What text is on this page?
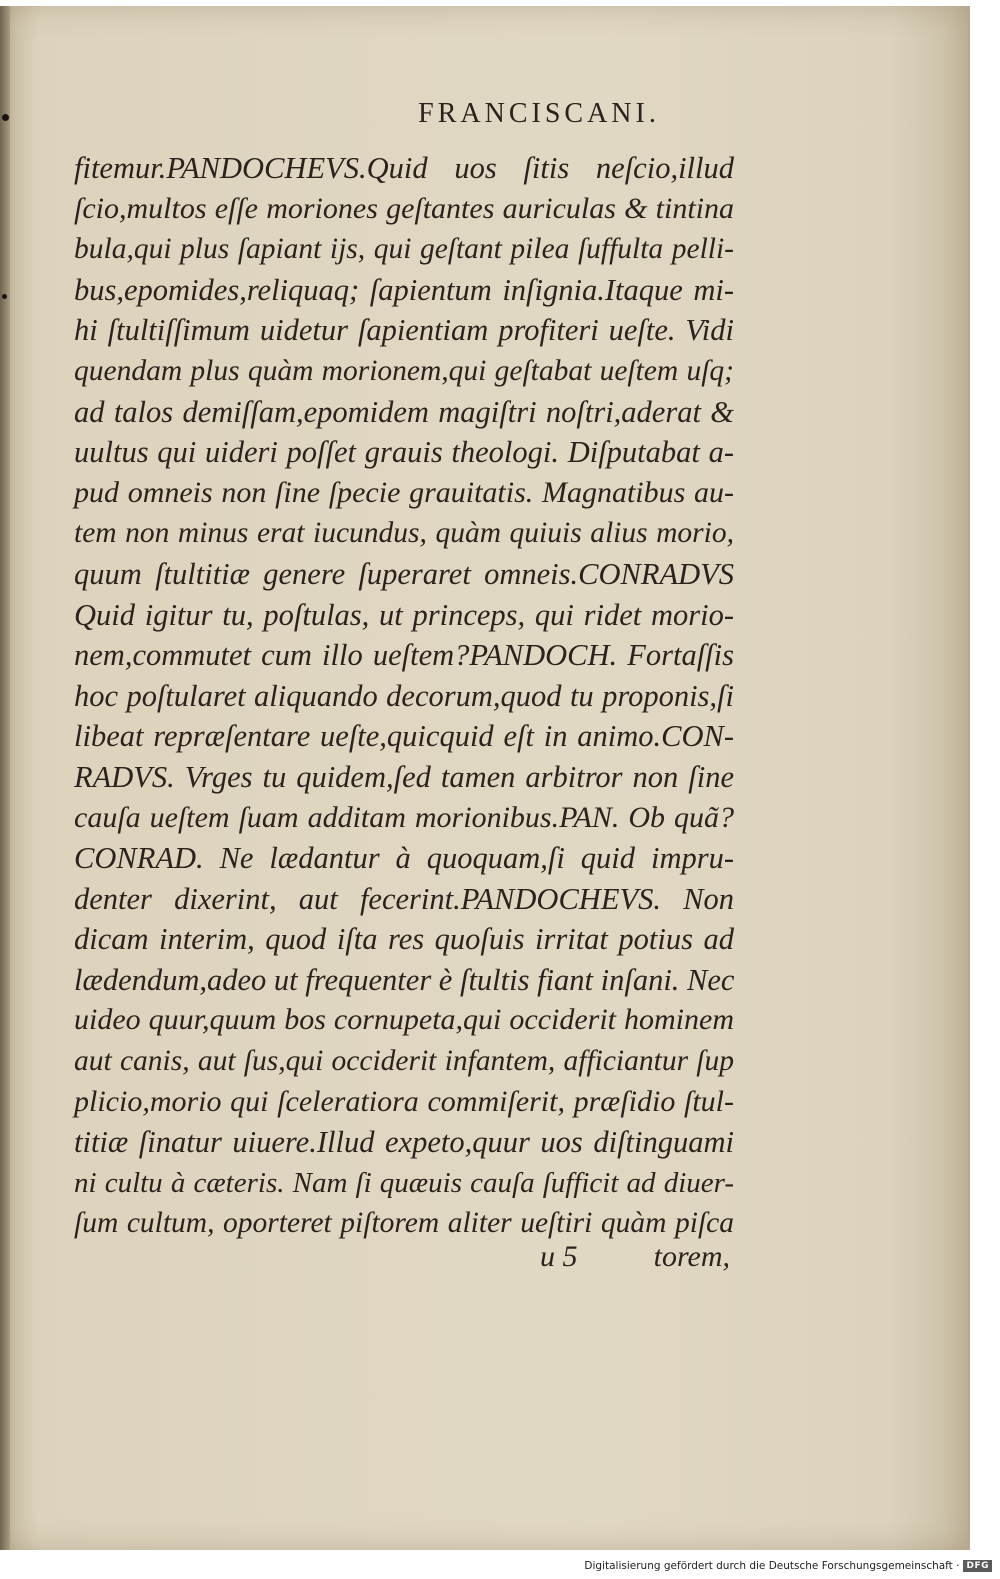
FRANCISCANI.
fitemur.PANDOCHEVS.Quid uos ſitis neſcio,illud
ſcio,multos eſſe moriones geſtantes auriculas & tintina
bula,qui plus ſapiant ijs, qui geſtant pilea ſuffulta pelli-
bus,epomides,reliquaq; ſapientum inſignia.Itaque mi-
hi ſtultiſſimum uidetur ſapientiam profiteri ueſte. Vidi
quendam plus quàm morionem,qui geſtabat ueſtem uſq;
ad talos demiſſam,epomidem magiſtri noſtri,aderat &
uultus qui uideri poſſet grauis theologi. Diſputabat a-
pud omneis non ſine ſpecie grauitatis. Magnatibus au-
tem non minus erat iucundus, quàm quiuis alius morio,
quum ſtultitiæ genere ſuperaret omneis.CONRADVS
Quid igitur tu, poſtulas, ut princeps, qui ridet morio-
nem,commutet cum illo ueſtem?PANDOCH. Fortaſſis
hoc poſtularet aliquando decorum,quod tu proponis,ſi
libeat repræſentare ueſte,quicquid eſt in animo.CON-
RADVS. Vrges tu quidem,ſed tamen arbitror non ſine
cauſa ueſtem ſuam additam morionibus.PAN. Ob quã?
CONRAD. Ne lædantur à quoquam,ſi quid impru-
denter dixerint, aut fecerint.PANDOCHEVS. Non
dicam interim, quod iſta res quoſuis irritat potius ad
lædendum,adeo ut frequenter è ſtultis fiant inſani. Nec
uideo quur,quum bos cornupeta,qui occiderit hominem
aut canis, aut ſus,qui occiderit infantem, afficiantur ſup
plicio,morio qui ſceleratiora commiſerit, præſidio ſtul-
titiæ ſinatur uiuere.Illud expeto,quur uos diſtinguami
ni cultu à cæteris. Nam ſi quæuis cauſa ſufficit ad diuer-
ſum cultum, oporteret piſtorem aliter ueſtiri quàm piſca
u 5	torem,
Digitalisierung gefördert durch die Deutsche Forschungsgemeinschaft · DFG
